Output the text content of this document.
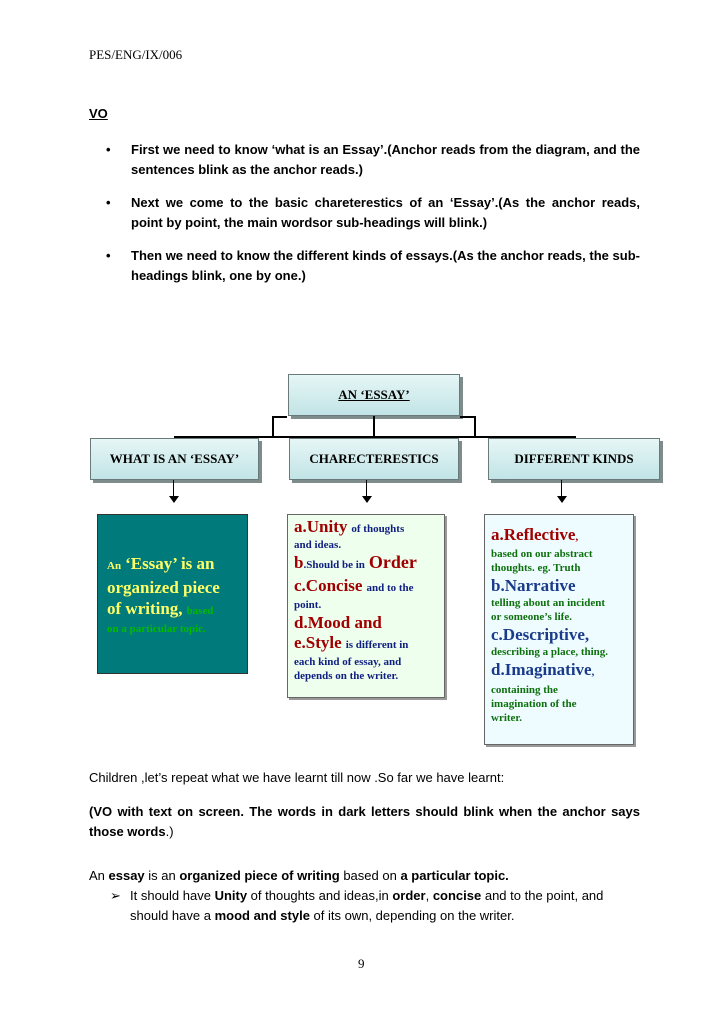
PES/ENG/IX/006
VO
• First we need to know ‘what is an Essay’.(Anchor reads from the diagram, and the sentences blink as the anchor reads.)
• Next we come to the basic chareterestics of an ‘Essay’.(As the anchor reads, point by point, the main wordsor sub-headings will blink.)
• Then we need to know the different kinds of essays.(As the anchor reads, the sub-headings blink, one by one.)
AN ‘ESSAY’
WHAT IS AN ‘ESSAY’	CHARECTERESTICS	DIFFERENT KINDS
An ‘Essay’ is an
organized piece
of writing, based
on a particular topic.
a.Unity of thoughts
and ideas.
b.Should be in Order
c.Concise and to the
point.
d.Mood and
e.Style is different in
each kind of essay, and
depends on the writer.
a.Reflective,
based on our abstract
thoughts. eg. Truth
b.Narrative
telling about an incident
or someone’s life.
c.Descriptive,
describing a place, thing.
d.Imaginative,
containing the
imagination of the
writer.
Children ,let’s repeat what we have learnt till now .So far we have learnt:
(VO with text on screen. The words in dark letters should blink when the anchor says those words.)
An essay is an organized piece of writing based on a particular topic.
➢ It should have Unity of thoughts and ideas,in order, concise and to the point, and should have a mood and style of its own, depending on the writer.
9
